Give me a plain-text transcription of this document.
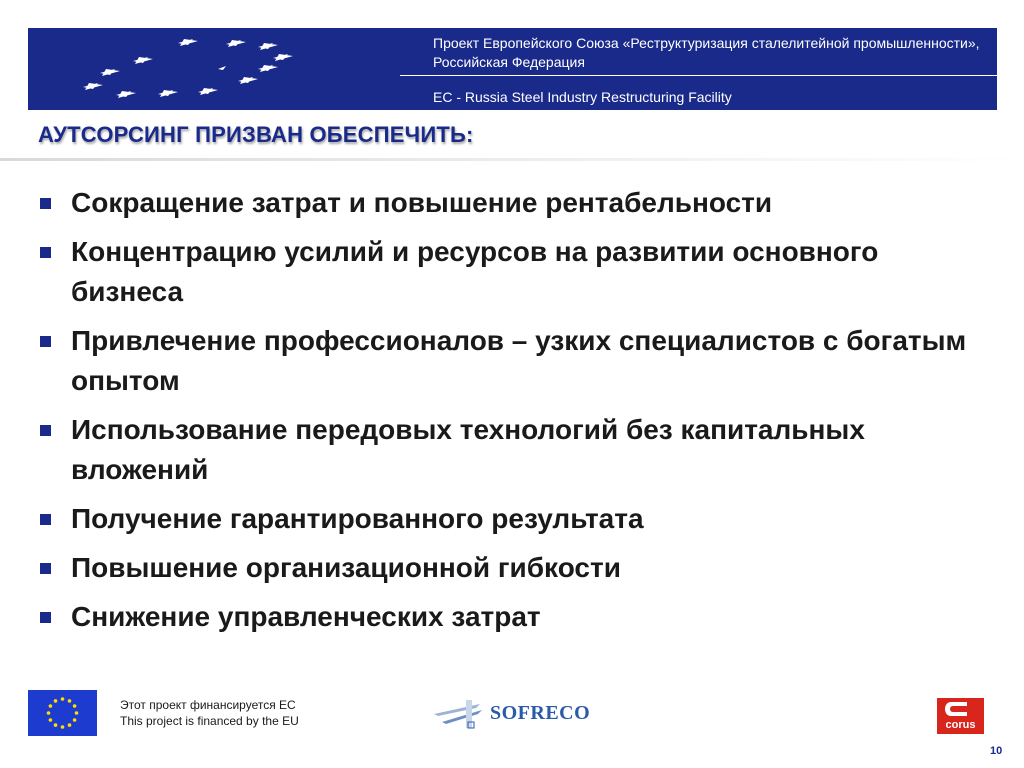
Проект Европейского Союза «Реструктуризация сталелитейной промышленности», Российская Федерация
EC - Russia Steel Industry Restructuring Facility
АУТСОРСИНГ ПРИЗВАН ОБЕСПЕЧИТЬ:
Сокращение затрат и повышение рентабельности
Концентрацию усилий и ресурсов на развитии основного бизнеса
Привлечение профессионалов – узких специалистов с богатым опытом
Использование передовых технологий без капитальных вложений
Получение гарантированного результата
Повышение организационной гибкости
Снижение управленческих затрат
Этот проект финансируется ЕС
This project is financed by the EU	SOFRECO
corus
10
